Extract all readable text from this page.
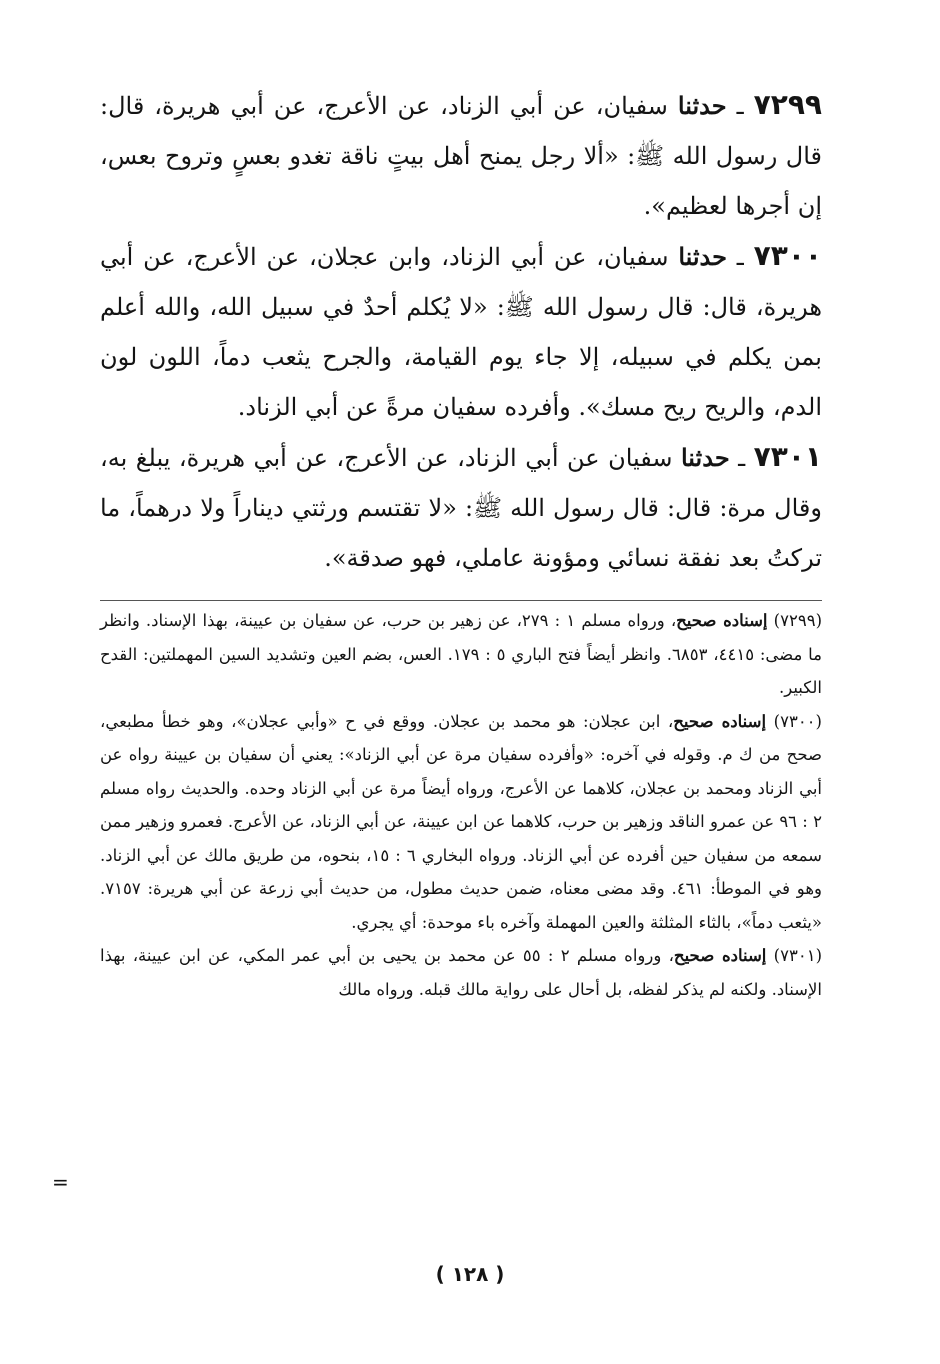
٧٢٩٩ ـ حدثنا سفيان، عن أبي الزناد، عن الأعرج، عن أبي هريرة، قال: قال رسول الله ﷺ: «ألا رجل يمنح أهل بيتٍ ناقة تغدو بعسٍ وتروح بعس، إن أجرها لعظيم».

٧٣٠٠ ـ حدثنا سفيان، عن أبي الزناد، وابن عجلان، عن الأعرج، عن أبي هريرة، قال: قال رسول الله ﷺ: «لا يُكلم أحدٌ في سبيل الله، والله أعلم بمن يكلم في سبيله، إلا جاء يوم القيامة، والجرح يثعب دماً، اللون لون الدم، والريح ريح مسك». وأفرده سفيان مرةً عن أبي الزناد.

٧٣٠١ ـ حدثنا سفيان عن أبي الزناد، عن الأعرج، عن أبي هريرة، يبلغ به، وقال مرة: قال: قال رسول الله ﷺ: «لا تقتسم ورثتي ديناراً ولا درهماً، ما تركتُ بعد نفقة نسائي ومؤونة عاملي، فهو صدقة».

(٧٢٩٩) إسناده صحيح، ورواه مسلم ١ : ٢٧٩، عن زهير بن حرب، عن سفيان بن عيينة، بهذا الإسناد. وانظر ما مضى: ٤٤١٥، ٦٨٥٣. وانظر أيضاً فتح الباري ٥ : ١٧٩. العس، بضم العين وتشديد السين المهملتين: القدح الكبير.

(٧٣٠٠) إسناده صحيح، ابن عجلان: هو محمد بن عجلان. ووقع في ح «وأبي عجلان»، وهو خطأ مطبعي، صحح من ك م. وقوله في آخره: «وأفرده سفيان مرة عن أبي الزناد»: يعني أن سفيان بن عيينة رواه عن أبي الزناد ومحمد بن عجلان، كلاهما عن الأعرج، ورواه أيضاً مرة عن أبي الزناد وحده. والحديث رواه مسلم ٢ : ٩٦ عن عمرو الناقد وزهير بن حرب، كلاهما عن ابن عيينة، عن أبي الزناد، عن الأعرج. فعمرو وزهير ممن سمعه من سفيان حين أفرده عن أبي الزناد. ورواه البخاري ٦ : ١٥، بنحوه، من طريق مالك عن أبي الزناد. وهو في الموطأ: ٤٦١. وقد مضى معناه، ضمن حديث مطول، من حديث أبي زرعة عن أبي هريرة: ٧١٥٧. «يثعب دماً»، بالثاء المثلثة والعين المهملة وآخره باء موحدة: أي يجري.

(٧٣٠١) إسناده صحيح، ورواه مسلم ٢ : ٥٥ عن محمد بن يحيى بن أبي عمر المكي، عن ابن عيينة، بهذا الإسناد. ولكنه لم يذكر لفظه، بل أحال على رواية مالك قبله. ورواه مالك

=
( ١٢٨ )
